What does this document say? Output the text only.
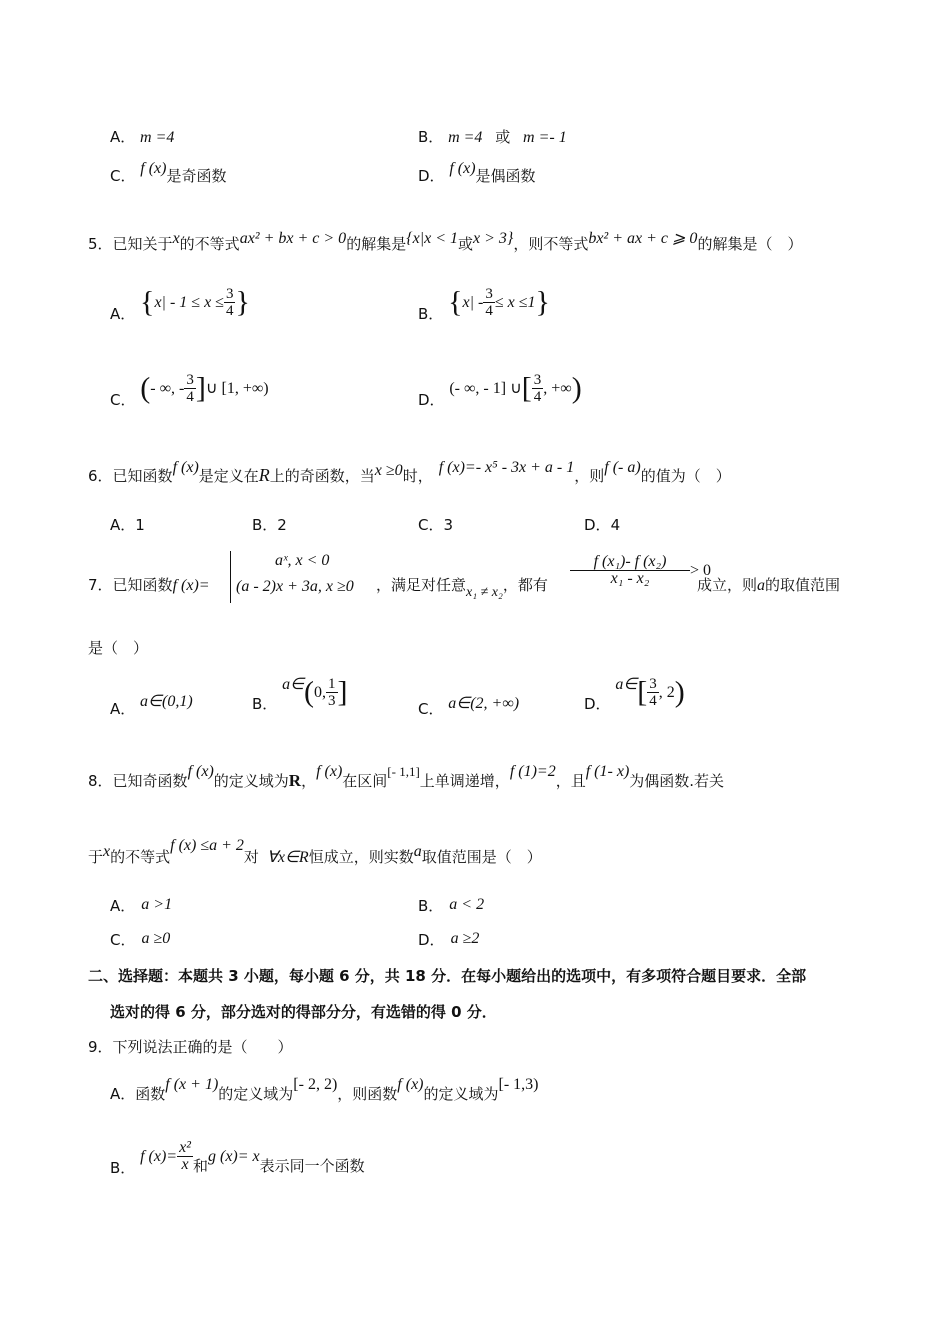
A． m =4	B． m =4 或 m =- 1
C． f (x)是奇函数	D． f (x)是偶函数
5．已知关于x的不等式ax² + bx + c > 0的解集是{x|x < 1或x > 3}，则不等式bx² + ax + c ⩾ 0的解集是（　）
A． {$x| - 1 \le x \le \frac{3}{4}$ }	B． $\{x| - \frac{3}{4} \le x \le 1\}$
C． (- ∞, - $\frac{3}{4}$ ]∪ [1, +∞)
D． (- ∞, - 1] ∪[ $\frac{3}{4}$ , +∞)
6．已知函数f (x)是定义在R上的奇函数，当x ≥0时， f (x)=- x⁵ - 3x + a - 1，则f (- a)的值为（　）
A．1	B．2	C．3	D．4
7．已知函数f (x)=
aˣ, x < 0
(a - 2)x + 3a, x ≥0 ，满足对任意x₁ ≠ x₂，都有 $\frac{\text{f (x₁)- f (x₂)}}{\text{x₁ - x₂}} > 0$
成立，则a的取值范围
是（　）
A． a∈(0,1)	B． a∈(0, $\frac{1}{3}$ ]
C． a∈(2, +∞)	D． a∈[ $\frac{3}{4}$ , 2)
8．已知奇函数f (x)的定义域为R，f (x)在区间[- 1,1]上单调递增，f (1)=2，且f (1- x)为偶函数.若关
于x的不等式f (x) ≤a + 2对 ∀x∈R恒成立，则实数a取值范围是（　）
A． a >1	B． a < 2
C． a ≥0	D． a ≥2
二、选择题：本题共 3 小题，每小题 6 分，共 18 分．在每小题给出的选项中，有多项符合题目要求．全部
选对的得 6 分，部分选对的得部分分，有选错的得 0 分．
9．下列说法正确的是（　　）
A．函数f (x + 1)的定义域为[- 2, 2)，则函数f (x)的定义域为[- 1,3)
B． f $(x)= \frac{\text{x²}}{x}$ 和g (x)= x表示同一个函数
